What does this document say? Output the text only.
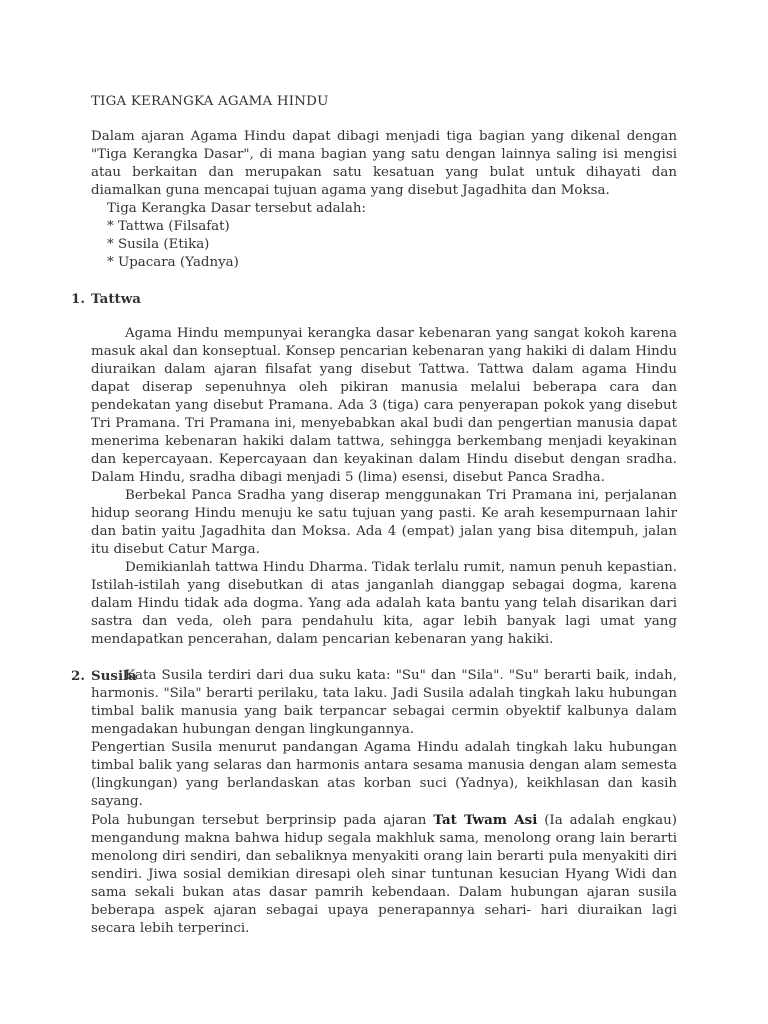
TIGA KERANGKA AGAMA HINDU

Dalam ajaran Agama Hindu dapat dibagi menjadi tiga bagian yang dikenal dengan "Tiga Kerangka Dasar", di mana bagian yang satu dengan lainnya saling isi mengisi atau berkaitan dan merupakan satu kesatuan yang bulat untuk dihayati dan diamalkan guna mencapai tujuan agama yang disebut Jagadhita dan Moksa.

Tiga Kerangka Dasar tersebut adalah:

* Tattwa (Filsafat)
* Susila (Etika)
* Upacara (Yadnya)
1. Tattwa

Agama Hindu mempunyai kerangka dasar kebenaran yang sangat kokoh karena masuk akal dan konseptual. Konsep pencarian kebenaran yang hakiki di dalam Hindu diuraikan dalam ajaran filsafat yang disebut Tattwa. Tattwa dalam agama Hindu dapat diserap sepenuhnya oleh pikiran manusia melalui beberapa cara dan pendekatan yang disebut Pramana. Ada 3 (tiga) cara penyerapan pokok yang disebut Tri Pramana. Tri Pramana ini, menyebabkan akal budi dan pengertian manusia dapat menerima kebenaran hakiki dalam tattwa, sehingga berkembang menjadi keyakinan dan kepercayaan. Kepercayaan dan keyakinan dalam Hindu disebut dengan sradha. Dalam Hindu, sradha dibagi menjadi 5 (lima) esensi, disebut Panca Sradha.

Berbekal Panca Sradha yang diserap menggunakan Tri Pramana ini, perjalanan hidup seorang Hindu menuju ke satu tujuan yang pasti. Ke arah kesempurnaan lahir dan batin yaitu Jagadhita dan Moksa. Ada 4 (empat) jalan yang bisa ditempuh, jalan itu disebut Catur Marga.

Demikianlah tattwa Hindu Dharma. Tidak terlalu rumit, namun penuh kepastian. Istilah-istilah yang disebutkan di atas janganlah dianggap sebagai dogma, karena dalam Hindu tidak ada dogma. Yang ada adalah kata bantu yang telah disarikan dari sastra dan veda, oleh para pendahulu kita, agar lebih banyak lagi umat yang mendapatkan pencerahan, dalam pencarian kebenaran yang hakiki.

2. Susila

Kata Susila terdiri dari dua suku kata: "Su" dan "Sila". "Su" berarti baik, indah, harmonis. "Sila" berarti perilaku, tata laku. Jadi Susila adalah tingkah laku hubungan timbal balik manusia yang baik terpancar sebagai cermin obyektif kalbunya dalam mengadakan hubungan dengan lingkungannya.

Pengertian Susila menurut pandangan Agama Hindu adalah tingkah laku hubungan timbal balik yang selaras dan harmonis antara sesama manusia dengan alam semesta (lingkungan) yang berlandaskan atas korban suci (Yadnya), keikhlasan dan kasih sayang.

Pola hubungan tersebut berprinsip pada ajaran Tat Twam Asi (Ia adalah engkau) mengandung makna bahwa hidup segala makhluk sama, menolong orang lain berarti menolong diri sendiri, dan sebaliknya menyakiti orang lain berarti pula menyakiti diri sendiri. Jiwa sosial demikian diresapi oleh sinar tuntunan kesucian Hyang Widi dan sama sekali bukan atas dasar pamrih kebendaan. Dalam hubungan ajaran susila beberapa aspek ajaran sebagai upaya penerapannya sehari- hari diuraikan lagi secara lebih terperinci.
